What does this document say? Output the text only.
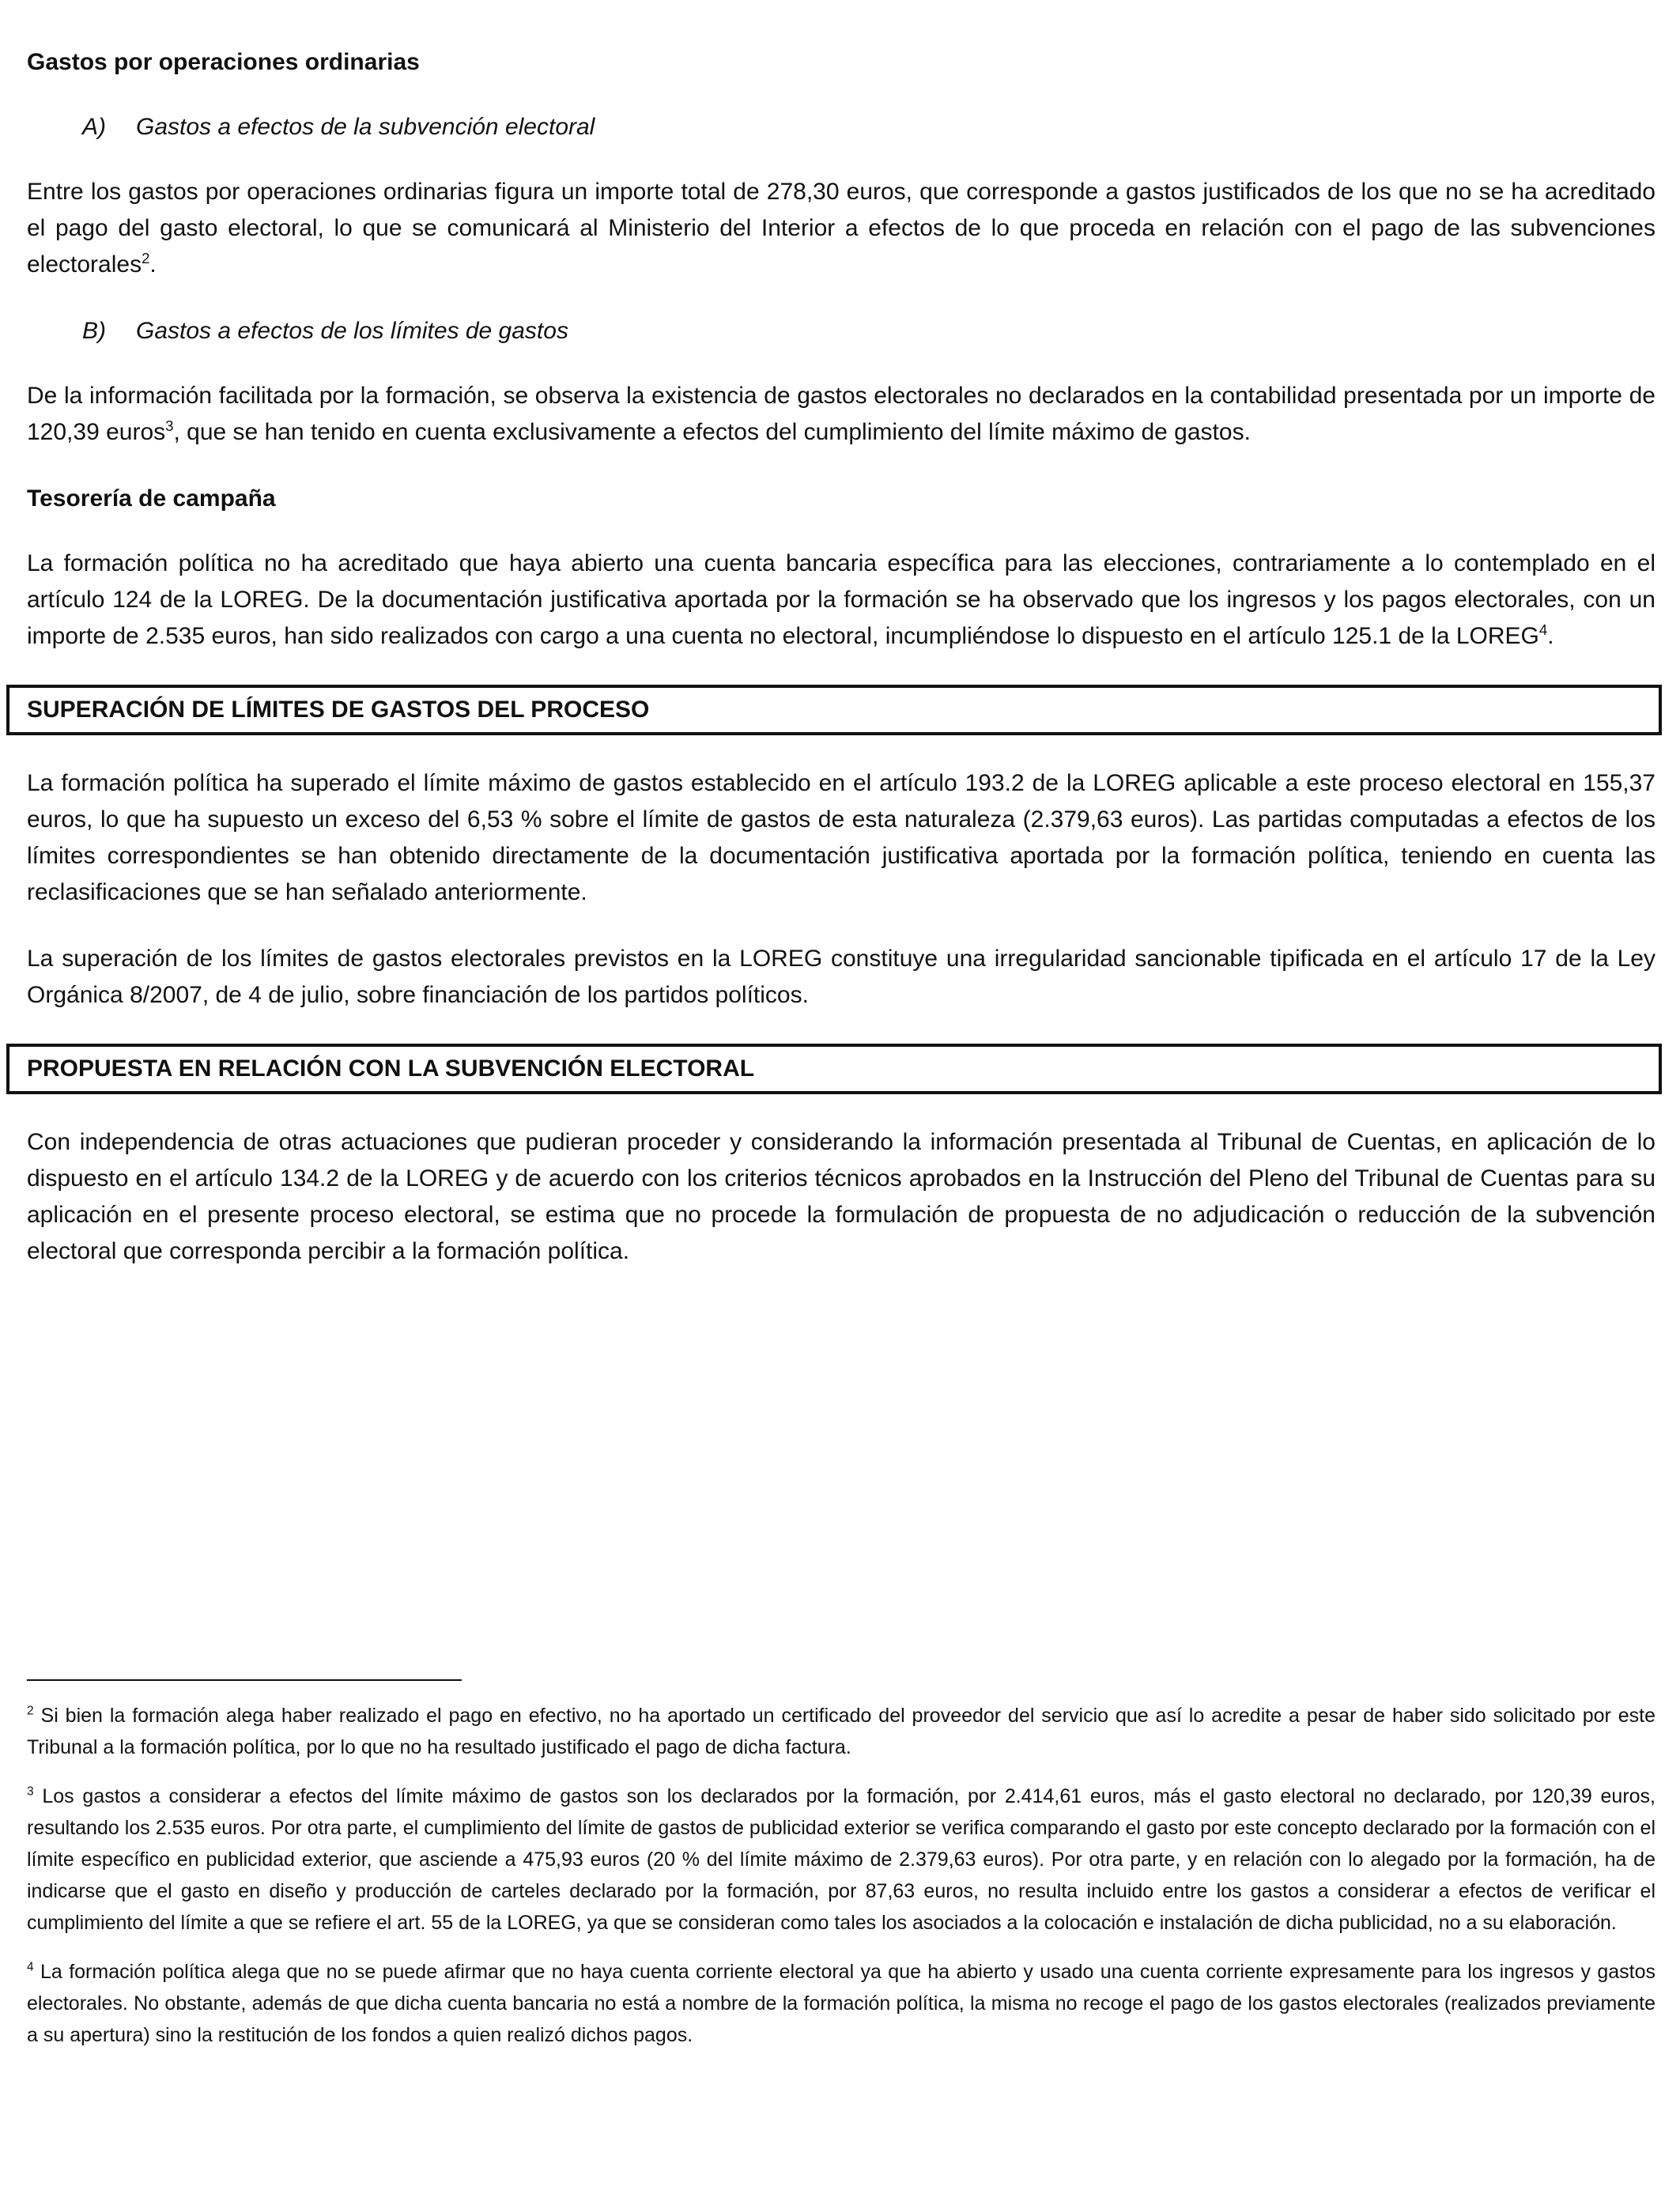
Gastos por operaciones ordinarias
A) Gastos a efectos de la subvención electoral

Entre los gastos por operaciones ordinarias figura un importe total de 278,30 euros, que corresponde a gastos justificados de los que no se ha acreditado el pago del gasto electoral, lo que se comunicará al Ministerio del Interior a efectos de lo que proceda en relación con el pago de las subvenciones electorales$^2$.

B) Gastos a efectos de los límites de gastos

De la información facilitada por la formación, se observa la existencia de gastos electorales no declarados en la contabilidad presentada por un importe de 120,39 euros$^3$, que se han tenido en cuenta exclusivamente a efectos del cumplimiento del límite máximo de gastos.

Tesorería de campaña

La formación política no ha acreditado que haya abierto una cuenta bancaria específica para las elecciones, contrariamente a lo contemplado en el artículo 124 de la LOREG. De la documentación justificativa aportada por la formación se ha observado que los ingresos y los pagos electorales, con un importe de 2.535 euros, han sido realizados con cargo a una cuenta no electoral, incumpliéndose lo dispuesto en el artículo 125.1 de la LOREG$^4$.

SUPERACIÓN DE LÍMITES DE GASTOS DEL PROCESO

La formación política ha superado el límite máximo de gastos establecido en el artículo 193.2 de la LOREG aplicable a este proceso electoral en 155,37 euros, lo que ha supuesto un exceso del 6,53 % sobre el límite de gastos de esta naturaleza (2.379,63 euros). Las partidas computadas a efectos de los límites correspondientes se han obtenido directamente de la documentación justificativa aportada por la formación política, teniendo en cuenta las reclasificaciones que se han señalado anteriormente.

La superación de los límites de gastos electorales previstos en la LOREG constituye una irregularidad sancionable tipificada en el artículo 17 de la Ley Orgánica 8/2007, de 4 de julio, sobre financiación de los partidos políticos.

PROPUESTA EN RELACIÓN CON LA SUBVENCIÓN ELECTORAL

Con independencia de otras actuaciones que pudieran proceder y considerando la información presentada al Tribunal de Cuentas, en aplicación de lo dispuesto en el artículo 134.2 de la LOREG y de acuerdo con los criterios técnicos aprobados en la Instrucción del Pleno del Tribunal de Cuentas para su aplicación en el presente proceso electoral, se estima que no procede la formulación de propuesta de no adjudicación o reducción de la subvención electoral que corresponda percibir a la formación política.

$^2$ Si bien la formación alega haber realizado el pago en efectivo, no ha aportado un certificado del proveedor del servicio que así lo acredite a pesar de haber sido solicitado por este Tribunal a la formación política, por lo que no ha resultado justificado el pago de dicha factura.

$^3$ Los gastos a considerar a efectos del límite máximo de gastos son los declarados por la formación, por 2.414,61 euros, más el gasto electoral no declarado, por 120,39 euros, resultando los 2.535 euros. Por otra parte, el cumplimiento del límite de gastos de publicidad exterior se verifica comparando el gasto por este concepto declarado por la formación con el límite específico en publicidad exterior, que asciende a 475,93 euros (20 % del límite máximo de 2.379,63 euros). Por otra parte, y en relación con lo alegado por la formación, ha de indicarse que el gasto en diseño y producción de carteles declarado por la formación, por 87,63 euros, no resulta incluido entre los gastos a considerar a efectos de verificar el cumplimiento del límite a que se refiere el art. 55 de la LOREG, ya que se consideran como tales los asociados a la colocación e instalación de dicha publicidad, no a su elaboración.

$^4$ La formación política alega que no se puede afirmar que no haya cuenta corriente electoral ya que ha abierto y usado una cuenta corriente expresamente para los ingresos y gastos electorales. No obstante, además de que dicha cuenta bancaria no está a nombre de la formación política, la misma no recoge el pago de los gastos electorales (realizados previamente a su apertura) sino la restitución de los fondos a quien realizó dichos pagos.
